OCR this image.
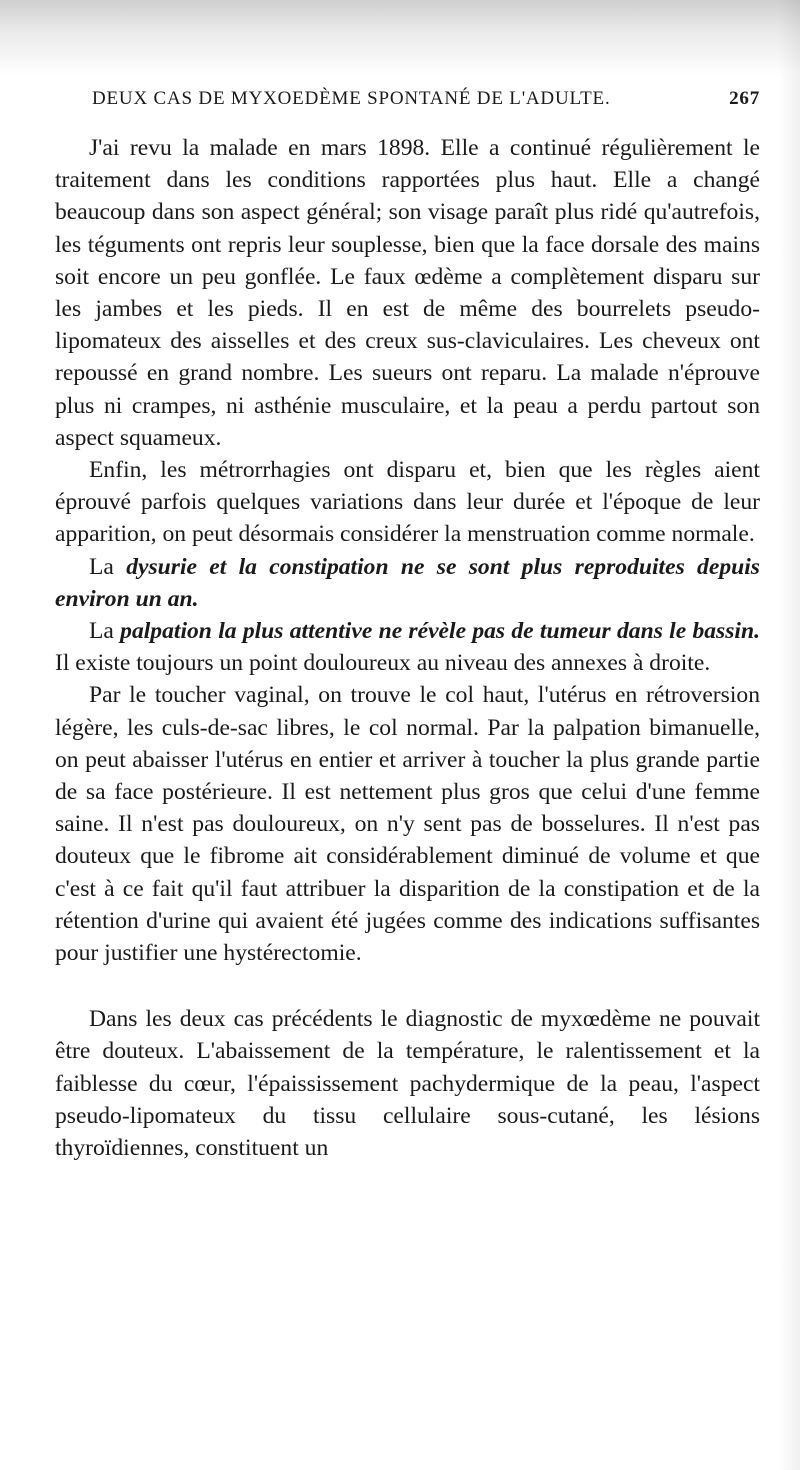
DEUX CAS DE MYXOEDÈME SPONTANÉ DE L'ADULTE.	267

J'ai revu la malade en mars 1898. Elle a continué régulièrement le traitement dans les conditions rapportées plus haut. Elle a changé beaucoup dans son aspect général; son visage paraît plus ridé qu'autrefois, les téguments ont repris leur souplesse, bien que la face dorsale des mains soit encore un peu gonflée. Le faux œdème a complètement disparu sur les jambes et les pieds. Il en est de même des bourrelets pseudo-lipomateux des aisselles et des creux sus-claviculaires. Les cheveux ont repoussé en grand nombre. Les sueurs ont reparu. La malade n'éprouve plus ni crampes, ni asthénie musculaire, et la peau a perdu partout son aspect squameux.

Enfin, les métrorrhagies ont disparu et, bien que les règles aient éprouvé parfois quelques variations dans leur durée et l'époque de leur apparition, on peut désormais considérer la menstruation comme normale.

La dysurie et la constipation ne se sont plus reproduites depuis environ un an.

La palpation la plus attentive ne révèle pas de tumeur dans le bassin. Il existe toujours un point douloureux au niveau des annexes à droite.

Par le toucher vaginal, on trouve le col haut, l'utérus en rétroversion légère, les culs-de-sac libres, le col normal. Par la palpation bimanuelle, on peut abaisser l'utérus en entier et arriver à toucher la plus grande partie de sa face postérieure. Il est nettement plus gros que celui d'une femme saine. Il n'est pas douloureux, on n'y sent pas de bosselures. Il n'est pas douteux que le fibrome ait considérablement diminué de volume et que c'est à ce fait qu'il faut attribuer la disparition de la constipation et de la rétention d'urine qui avaient été jugées comme des indications suffisantes pour justifier une hystérectomie.

Dans les deux cas précédents le diagnostic de myxœdème ne pouvait être douteux. L'abaissement de la température, le ralentissement et la faiblesse du cœur, l'épaississement pachydermique de la peau, l'aspect pseudo-lipomateux du tissu cellulaire sous-cutané, les lésions thyroïdiennes, constituent un
